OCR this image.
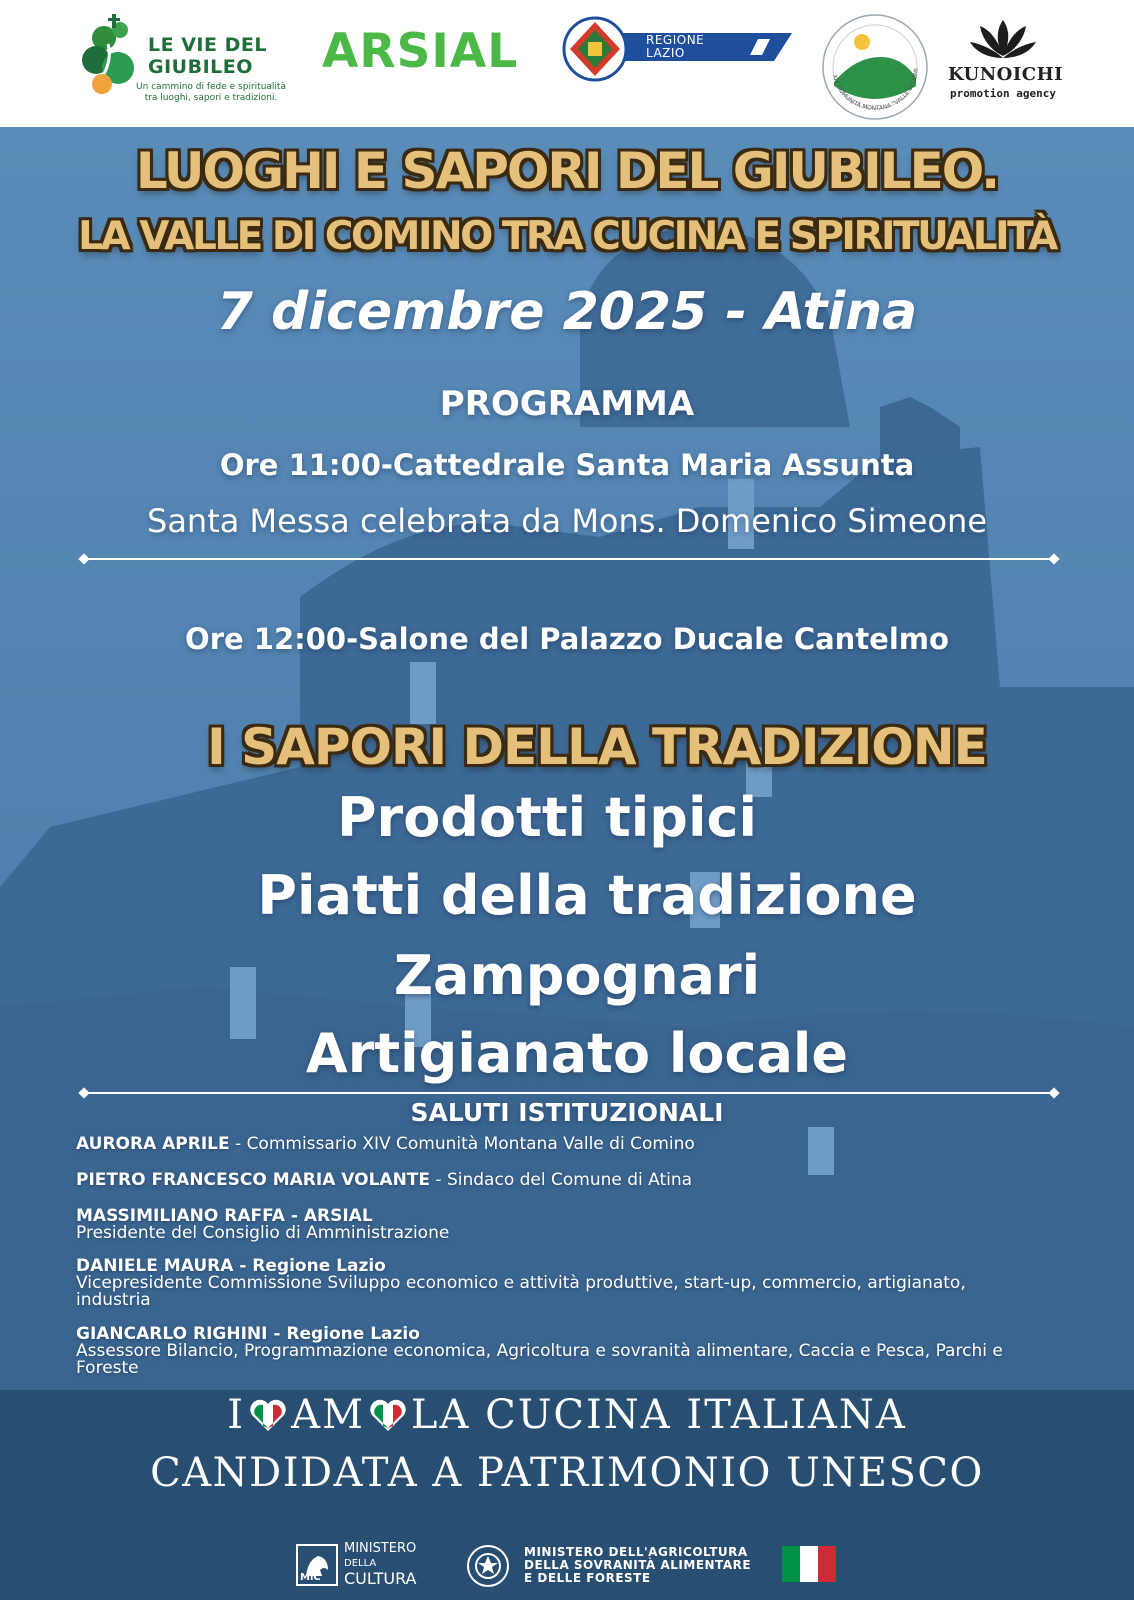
LE VIE DEL
GIUBILEO
Un cammino di fede e spiritualità
tra luoghi, sapori e tradizioni.
ARSIAL	REGIONE
LAZIO
XIV COMUNITÀ MONTANA "VALLE DI COMI KUNOICHI
promotion agency
LUOGHI E SAPORI DEL GIUBILEO.
LA VALLE DI COMINO TRA CUCINA E SPIRITUALITÀ
7 dicembre 2025 - Atina
PROGRAMMA
Ore 11:00-Cattedrale Santa Maria Assunta
Santa Messa celebrata da Mons. Domenico Simeone
Ore 12:00-Salone del Palazzo Ducale Cantelmo
I SAPORI DELLA TRADIZIONE
Prodotti tipici
Piatti della tradizione
Zampognari
Artigianato locale
SALUTI ISTITUZIONALI
AURORA APRILE - Commissario XIV Comunità Montana Valle di Comino
PIETRO FRANCESCO MARIA VOLANTE - Sindaco del Comune di Atina
MASSIMILIANO RAFFA - ARSIAL
Presidente del Consiglio di Amministrazione
DANIELE MAURA - Regione Lazio
Vicepresidente Commissione Sviluppo economico e attività produttive, start-up, commercio, artigianato, industria
GIANCARLO RIGHINI - Regione Lazio
Assessore Bilancio, Programmazione economica, Agricoltura e sovranità alimentare, Caccia e Pesca, Parchi e Foreste
I AM LA CUCINA ITALIANA
CANDIDATA A PATRIMONIO UNESCO
MiC
MINISTERO
DELLA
CULTURA
MINISTERO DELL'AGRICOLTURA
DELLA SOVRANITÀ ALIMENTARE
E DELLE FORESTE
